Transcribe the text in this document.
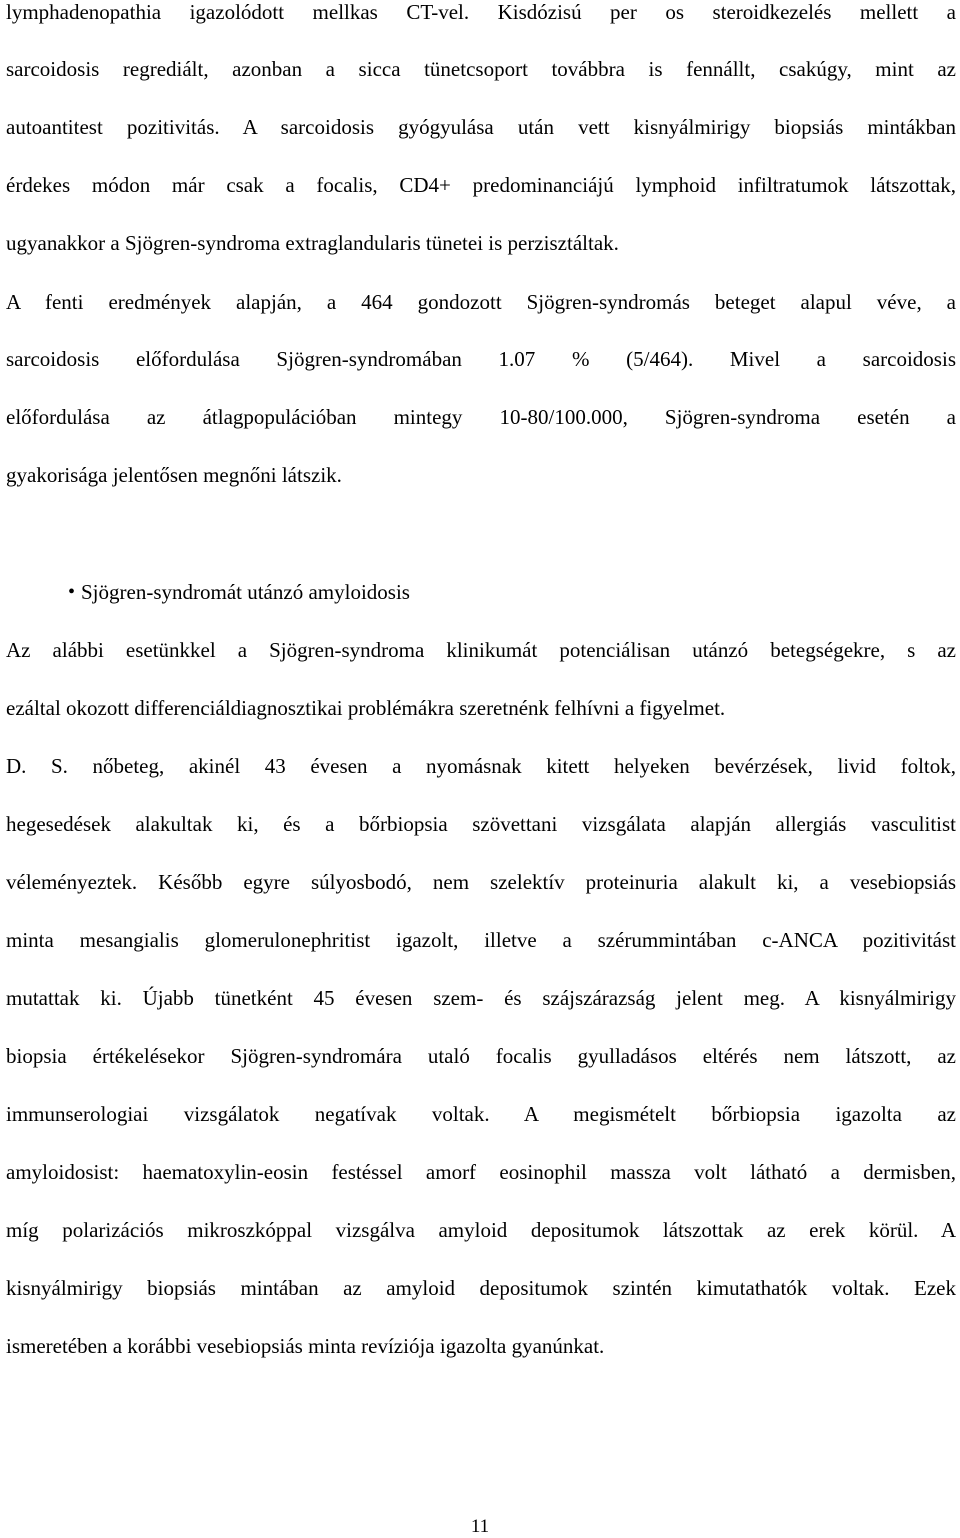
lymphadenopathia igazolódott mellkas CT-vel. Kisdózisú per os steroidkezelés mellett a
sarcoidosis regrediált, azonban a sicca tünetcsoport továbbra is fennállt, csakúgy, mint az
autoantitest pozitivitás. A sarcoidosis gyógyulása után vett kisnyálmirigy biopsiás mintákban
érdekes módon már csak a focalis, CD4+ predominanciájú lymphoid infiltratumok látszottak,
ugyanakkor a Sjögren-syndroma extraglandularis tünetei is perzisztáltak.
A fenti eredmények alapján, a 464 gondozott Sjögren-syndromás beteget alapul véve, a
sarcoidosis előfordulása Sjögren-syndromában 1.07 % (5/464). Mivel a sarcoidosis
előfordulása az átlagpopulációban mintegy 10-80/100.000, Sjögren-syndroma esetén a
gyakorisága jelentősen megnőni látszik.
• Sjögren-syndromát utánzó amyloidosis
Az alábbi esetünkkel a Sjögren-syndroma klinikumát potenciálisan utánzó betegségekre, s az
ezáltal okozott differenciáldiagnosztikai problémákra szeretnénk felhívni a figyelmet.
D. S. nőbeteg, akinél 43 évesen a nyomásnak kitett helyeken bevérzések, livid foltok,
hegesedések alakultak ki, és a bőrbiopsia szövettani vizsgálata alapján allergiás vasculitist
véleményeztek. Később egyre súlyosbodó, nem szelektív proteinuria alakult ki, a vesebiopsiás
minta mesangialis glomerulonephritist igazolt, illetve a szérummintában c-ANCA pozitivitást
mutattak ki. Újabb tünetként 45 évesen szem- és szájszárazság jelent meg. A kisnyálmirigy
biopsia értékelésekor Sjögren-syndromára utaló focalis gyulladásos eltérés nem látszott, az
immunserologiai vizsgálatok negatívak voltak. A megismételt bőrbiopsia igazolta az
amyloidosist: haematoxylin-eosin festéssel amorf eosinophil massza volt látható a dermisben,
míg polarizációs mikroszkóppal vizsgálva amyloid depositumok látszottak az erek körül. A
kisnyálmirigy biopsiás mintában az amyloid depositumok szintén kimutathatók voltak. Ezek
ismeretében a korábbi vesebiopsiás minta revíziója igazolta gyanúnkat.
11
